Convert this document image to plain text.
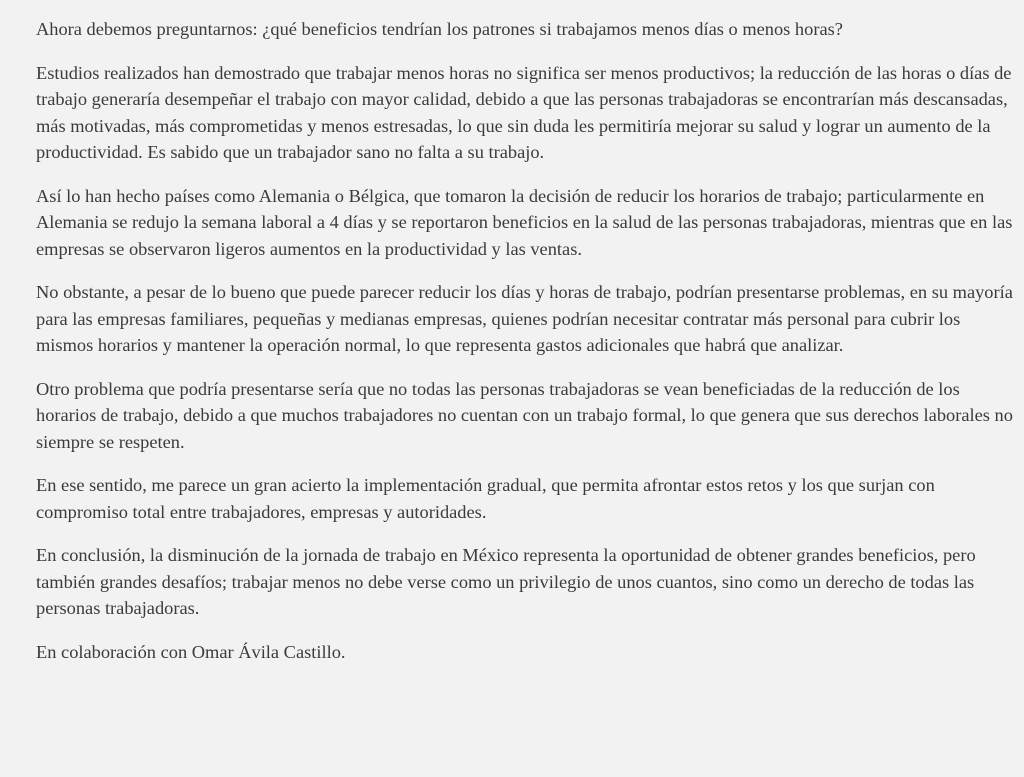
Ahora debemos preguntarnos: ¿qué beneficios tendrían los patrones si trabajamos menos días o menos horas?

Estudios realizados han demostrado que trabajar menos horas no significa ser menos productivos; la reducción de las horas o días de trabajo generaría desempeñar el trabajo con mayor calidad, debido a que las personas trabajadoras se encontrarían más descansadas, más motivadas, más comprometidas y menos estresadas, lo que sin duda les permitiría mejorar su salud y lograr un aumento de la productividad. Es sabido que un trabajador sano no falta a su trabajo.

Así lo han hecho países como Alemania o Bélgica, que tomaron la decisión de reducir los horarios de trabajo; particularmente en Alemania se redujo la semana laboral a 4 días y se reportaron beneficios en la salud de las personas trabajadoras, mientras que en las empresas se observaron ligeros aumentos en la productividad y las ventas.

No obstante, a pesar de lo bueno que puede parecer reducir los días y horas de trabajo, podrían presentarse problemas, en su mayoría para las empresas familiares, pequeñas y medianas empresas, quienes podrían necesitar contratar más personal para cubrir los mismos horarios y mantener la operación normal, lo que representa gastos adicionales que habrá que analizar.

Otro problema que podría presentarse sería que no todas las personas trabajadoras se vean beneficiadas de la reducción de los horarios de trabajo, debido a que muchos trabajadores no cuentan con un trabajo formal, lo que genera que sus derechos laborales no siempre se respeten.

En ese sentido, me parece un gran acierto la implementación gradual, que permita afrontar estos retos y los que surjan con compromiso total entre trabajadores, empresas y autoridades.

En conclusión, la disminución de la jornada de trabajo en México representa la oportunidad de obtener grandes beneficios, pero también grandes desafíos; trabajar menos no debe verse como un privilegio de unos cuantos, sino como un derecho de todas las personas trabajadoras.

En colaboración con Omar Ávila Castillo.
